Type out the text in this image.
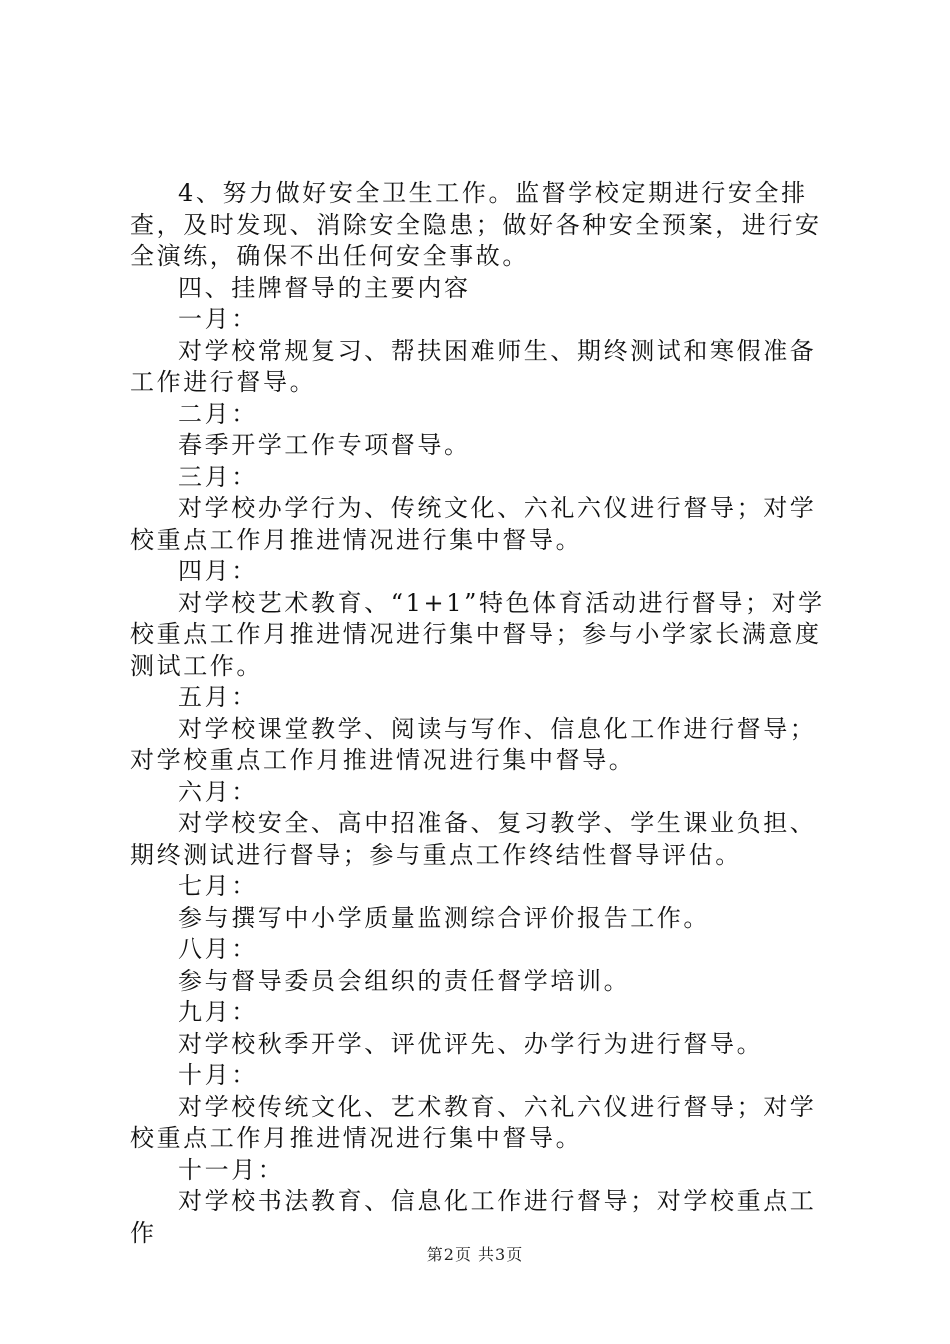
4、努力做好安全卫生工作。监督学校定期进行安全排查，及时发现、消除安全隐患；做好各种安全预案，进行安全演练，确保不出任何安全事故。

四、挂牌督导的主要内容

一月：

对学校常规复习、帮扶困难师生、期终测试和寒假准备工作进行督导。

二月：

春季开学工作专项督导。

三月：

对学校办学行为、传统文化、六礼六仪进行督导；对学校重点工作月推进情况进行集中督导。

四月：

对学校艺术教育、“1+1”特色体育活动进行督导；对学校重点工作月推进情况进行集中督导；参与小学家长满意度测试工作。

五月：

对学校课堂教学、阅读与写作、信息化工作进行督导；对学校重点工作月推进情况进行集中督导。

六月：

对学校安全、高中招准备、复习教学、学生课业负担、期终测试进行督导；参与重点工作终结性督导评估。

七月：

参与撰写中小学质量监测综合评价报告工作。

八月：

参与督导委员会组织的责任督学培训。

九月：

对学校秋季开学、评优评先、办学行为进行督导。

十月：

对学校传统文化、艺术教育、六礼六仪进行督导；对学校重点工作月推进情况进行集中督导。

十一月：

对学校书法教育、信息化工作进行督导；对学校重点工作

第2页 共3页
